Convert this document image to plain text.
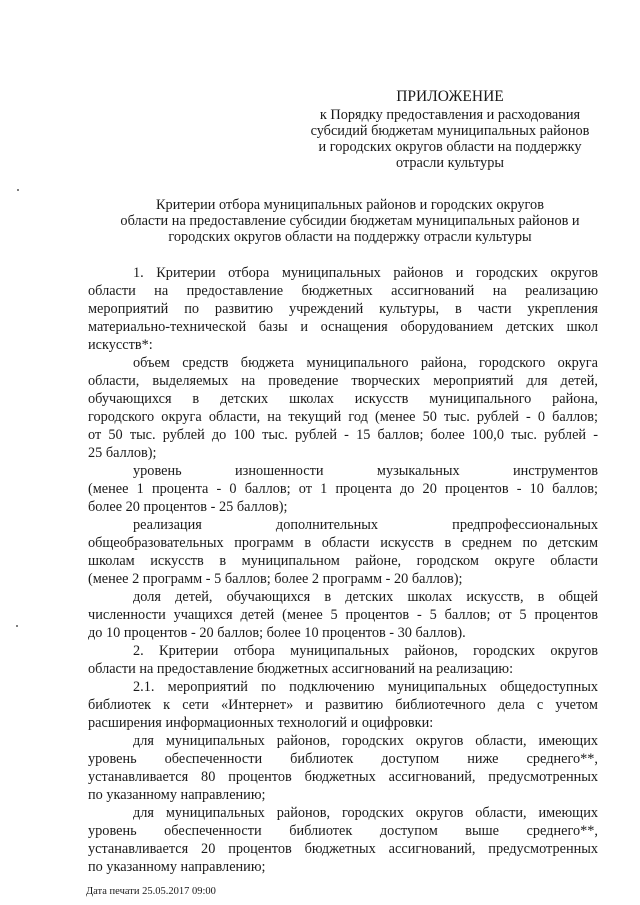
ПРИЛОЖЕНИЕ
к Порядку предоставления и расходования
субсидий бюджетам муниципальных районов
и городских округов области на поддержку
отрасли культуры
Критерии отбора муниципальных районов и городских округов
области на предоставление субсидии бюджетам муниципальных районов и
городских округов области на поддержку отрасли культуры
1. Критерии отбора муниципальных районов и городских округов
области на предоставление бюджетных ассигнований на реализацию
мероприятий по развитию учреждений культуры, в части укрепления
материально-технической базы и оснащения оборудованием детских школ
искусств*:
объем средств бюджета муниципального района, городского округа
области, выделяемых на проведение творческих мероприятий для детей,
обучающихся в детских школах искусств муниципального района,
городского округа области, на текущий год (менее 50 тыс. рублей - 0 баллов;
от 50 тыс. рублей до 100 тыс. рублей - 15 баллов; более 100,0 тыс. рублей -
25 баллов);
уровень изношенности музыкальных инструментов
(менее 1 процента - 0 баллов; от 1 процента до 20 процентов - 10 баллов;
более 20 процентов - 25 баллов);
реализация дополнительных предпрофессиональных
общеобразовательных программ в области искусств в среднем по детским
школам искусств в муниципальном районе, городском округе области
(менее 2 программ - 5 баллов; более 2 программ - 20 баллов);
доля детей, обучающихся в детских школах искусств, в общей
численности учащихся детей (менее 5 процентов - 5 баллов; от 5 процентов
до 10 процентов - 20 баллов; более 10 процентов - 30 баллов).
2. Критерии отбора муниципальных районов, городских округов
области на предоставление бюджетных ассигнований на реализацию:
2.1. мероприятий по подключению муниципальных общедоступных
библиотек к сети «Интернет» и развитию библиотечного дела с учетом
расширения информационных технологий и оцифровки:
для муниципальных районов, городских округов области, имеющих
уровень обеспеченности библиотек доступом ниже среднего**,
устанавливается 80 процентов бюджетных ассигнований, предусмотренных
по указанному направлению;
для муниципальных районов, городских округов области, имеющих
уровень обеспеченности библиотек доступом выше среднего**,
устанавливается 20 процентов бюджетных ассигнований, предусмотренных
по указанному направлению;
Дата печати 25.05.2017 09:00
